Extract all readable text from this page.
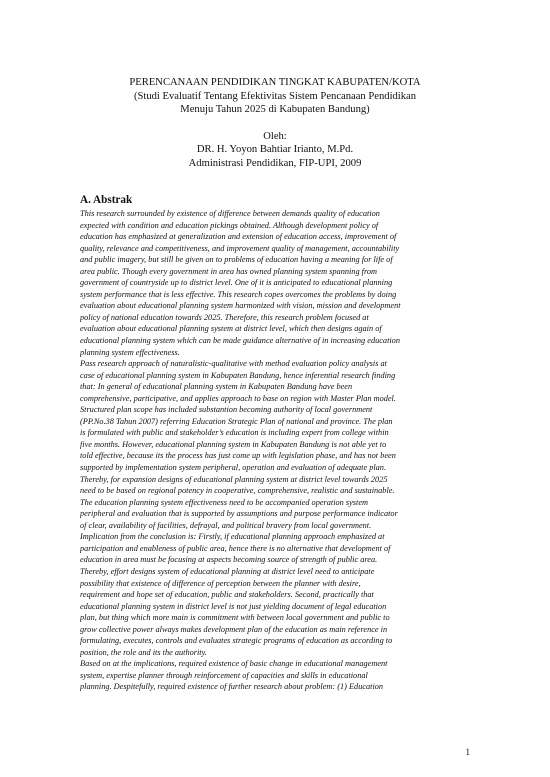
PERENCANAAN PENDIDIKAN TINGKAT KABUPATEN/KOTA
(Studi Evaluatif Tentang Efektivitas Sistem Pencanaan Pendidikan
Menuju Tahun 2025 di Kabupaten Bandung)
Oleh:
DR. H. Yoyon Bahtiar Irianto, M.Pd.
Administrasi Pendidikan, FIP-UPI, 2009
A. Abstrak
This research surrounded by existence of difference between demands quality of education
expected with condition and education pickings obtained. Although development policy of
education has emphasized at generalization and extension of education access, improvement of
quality, relevance and competitiveness, and improvement quality of management, accountability
and public imagery, but still be given on to problems of education having a meaning for life of
area public. Though every government in area has owned planning system spanning from
government of countryside up to district level. One of it is anticipated to educational planning
system performance that is less effective. This research copes overcomes the problems by doing
evaluation about educational planning system harmonized with vision, mission and development
policy of national education towards 2025. Therefore, this research problem focused at
evaluation about educational planning system at district level, which then designs again of
educational planning system which can be made guidance alternative of in increasing education
planning system effectiveness.
Pass research approach of naturalistic-qualitative with method evaluation policy analysis at
case of educational planning system in Kabupaten Bandung, hence inferential research finding
that: In general of educational planning system in Kabupaten Bandung have been
comprehensive, participative, and applies approach to base on region with Master Plan model.
Structured plan scope has included substantion becoming authority of local government
(PP.No.38 Tahun 2007) referring Education Strategic Plan of national and province. The plan
is formulated with public and stakeholder’s education is including expert from college within
five months. However, educational planning system in Kabupaten Bandung is not able yet to
told effective, because its the process has just come up with legislation phase, and has not been
supported by implementation system peripheral, operation and evaluation of adequate plan.
Thereby, for expansion designs of educational planning system at district level towards 2025
need to be based on regional potency in cooperative, comprehensive, realistic and sustainable.
The education planning system effectiveness need to be accompanied operation system
peripheral and evaluation that is supported by assumptions and purpose performance indicator
of clear, availability of facilities, defrayal, and political bravery from local government.
Implication from the conclusion is: Firstly, if educational planning approach emphasized at
participation and enableness of public area, hence there is no alternative that development of
education in area must be focusing at aspects becoming source of strength of public area.
Thereby, effort designs system of educational planning at district level need to anticipate
possibility that existence of difference of perception between the planner with desire,
requirement and hope set of education, public and stakeholders. Second, practically that
educational planning system in district level is not just yielding document of legal education
plan, but thing which more main is commitment with between local government and public to
grow collective power always makes development plan of the education as main reference in
formulating, executes, controls and evaluates strategic programs of education as according to
position, the role and its the authority.
Based on at the implications, required existence of basic change in educational management
system, expertise planner through reinforcement of capacities and skills in educational
planning. Despitefully, required existence of further research about problem: (1) Education
1
